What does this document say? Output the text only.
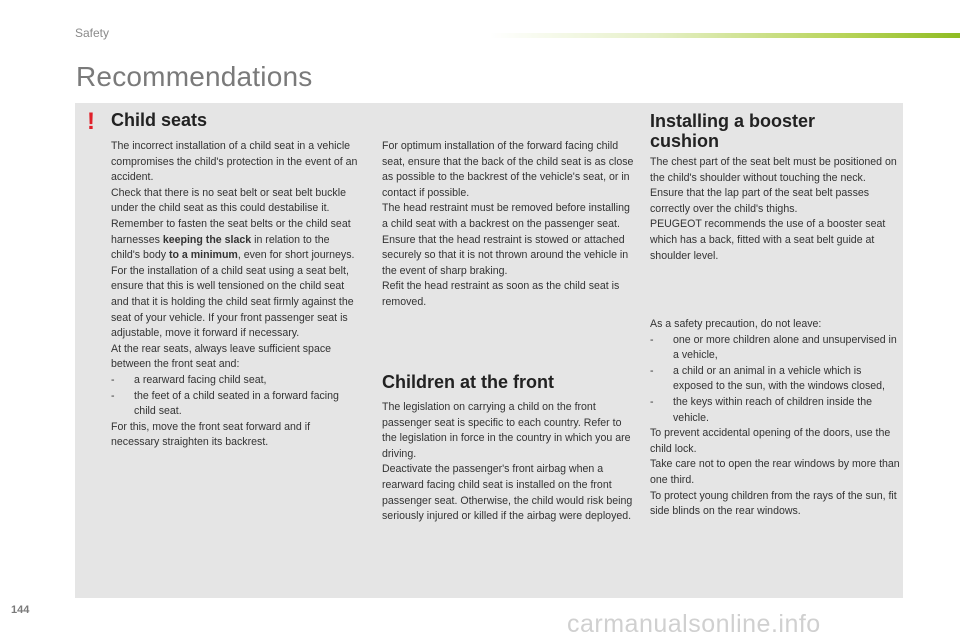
Safety
Recommendations
! Child seats

The incorrect installation of a child seat in a vehicle compromises the child's protection in the event of an accident.

Check that there is no seat belt or seat belt buckle under the child seat as this could destabilise it.

Remember to fasten the seat belts or the child seat harnesses keeping the slack in relation to the child's body to a minimum, even for short journeys.

For the installation of a child seat using a seat belt, ensure that this is well tensioned on the child seat and that it is holding the child seat firmly against the seat of your vehicle. If your front passenger seat is adjustable, move it forward if necessary.

At the rear seats, always leave sufficient space between the front seat and:

- a rearward facing child seat,
- the feet of a child seated in a forward facing child seat.

For this, move the front seat forward and if necessary straighten its backrest.

For optimum installation of the forward facing child seat, ensure that the back of the child seat is as close as possible to the backrest of the vehicle's seat, or in contact if possible.

The head restraint must be removed before installing a child seat with a backrest on the passenger seat.

Ensure that the head restraint is stowed or attached securely so that it is not thrown around the vehicle in the event of sharp braking.

Refit the head restraint as soon as the child seat is removed.

Children at the front

The legislation on carrying a child on the front passenger seat is specific to each country. Refer to the legislation in force in the country in which you are driving.

Deactivate the passenger's front airbag when a rearward facing child seat is installed on the front passenger seat. Otherwise, the child would risk being seriously injured or killed if the airbag were deployed.

Installing a booster
cushion

The chest part of the seat belt must be positioned on the child's shoulder without touching the neck.

Ensure that the lap part of the seat belt passes correctly over the child's thighs.

PEUGEOT recommends the use of a booster seat which has a back, fitted with a seat belt guide at shoulder level.

As a safety precaution, do not leave:

- one or more children alone and unsupervised in a vehicle,
- a child or an animal in a vehicle which is exposed to the sun, with the windows closed,
- the keys within reach of children inside the vehicle.

To prevent accidental opening of the doors, use the child lock.

Take care not to open the rear windows by more than one third.

To protect young children from the rays of the sun, fit side blinds on the rear windows.

144	carmanualsonline.info
